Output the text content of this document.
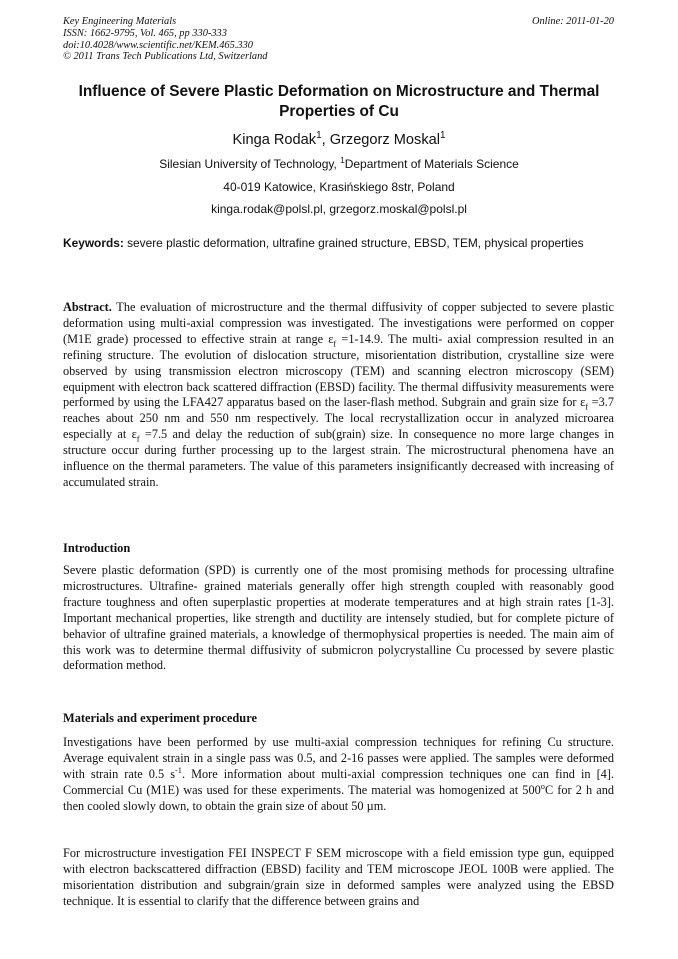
Key Engineering Materials
ISSN: 1662-9795, Vol. 465, pp 330-333
doi:10.4028/www.scientific.net/KEM.465.330
© 2011 Trans Tech Publications Ltd, Switzerland
Online: 2011-01-20
Influence of Severe Plastic Deformation on Microstructure and Thermal Properties of Cu
Kinga Rodak$^1$, Grzegorz Moskal$^1$
Silesian University of Technology, $^1$Department of Materials Science
40-019 Katowice, Krasińskiego 8str, Poland
kinga.rodak@polsl.pl, grzegorz.moskal@polsl.pl
Keywords: severe plastic deformation, ultrafine grained structure, EBSD, TEM, physical properties
Abstract. The evaluation of microstructure and the thermal diffusivity of copper subjected to severe plastic deformation using multi-axial compression was investigated. The investigations were performed on copper (M1E grade) processed to effective strain at range $\varepsilon_f =1-14.9$. The multi- axial compression resulted in an refining structure. The evolution of dislocation structure, misorientation distribution, crystalline size were observed by using transmission electron microscopy (TEM) and scanning electron microscopy (SEM) equipment with electron back scattered diffraction (EBSD) facility. The thermal diffusivity measurements were performed by using the LFA427 apparatus based on the laser-flash method. Subgrain and grain size for $\varepsilon_f =3.7$ reaches about 250 nm and 550 nm respectively. The local recrystallization occur in analyzed microarea especially at $\varepsilon_f =7.5$ and delay the reduction of sub(grain) size. In consequence no more large changes in structure occur during further processing up to the largest strain. The microstructural phenomena have an influence on the thermal parameters. The value of this parameters insignificantly decreased with increasing of accumulated strain.
Introduction
Severe plastic deformation (SPD) is currently one of the most promising methods for processing ultrafine microstructures. Ultrafine- grained materials generally offer high strength coupled with reasonably good fracture toughness and often superplastic properties at moderate temperatures and at high strain rates [1-3]. Important mechanical properties, like strength and ductility are intensely studied, but for complete picture of behavior of ultrafine grained materials, a knowledge of thermophysical properties is needed. The main aim of this work was to determine thermal diffusivity of submicron polycrystalline Cu processed by severe plastic deformation method.
Materials and experiment procedure
Investigations have been performed by use multi-axial compression techniques for refining Cu structure. Average equivalent strain in a single pass was 0.5, and 2-16 passes were applied. The samples were deformed with strain rate 0.5 $s^{-1}$. More information about multi-axial compression techniques one can find in [4]. Commercial Cu (M1E) was used for these experiments. The material was homogenized at 500$^o$C for 2 h and then cooled slowly down, to obtain the grain size of about 50 µm.
For microstructure investigation FEI INSPECT F SEM microscope with a field emission type gun, equipped with electron backscattered diffraction (EBSD) facility and TEM microscope JEOL 100B were applied. The misorientation distribution and subgrain/grain size in deformed samples were analyzed using the EBSD technique. It is essential to clarify that the difference between grains and
